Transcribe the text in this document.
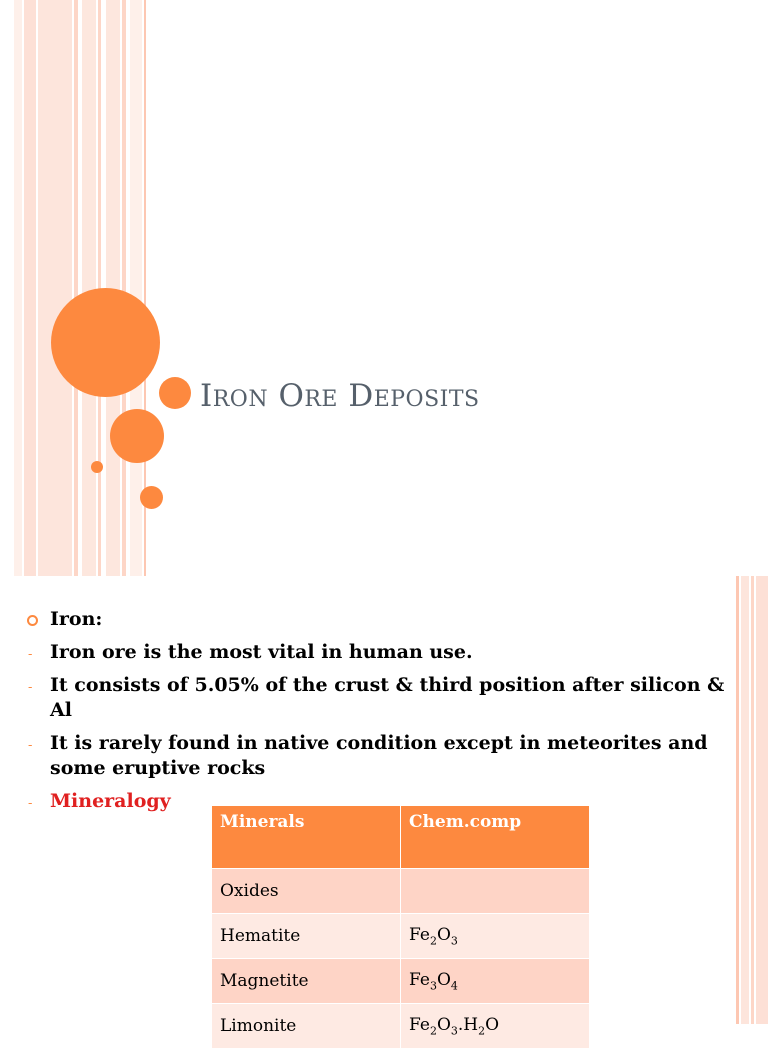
Iron Ore Deposits
Iron:
- Iron ore is the most vital in human use.
- It consists of 5.05% of the crust & third position after silicon & Al
- It is rarely found in native condition except in meteorites and some eruptive rocks
- Mineralogy
Minerals	Chem.comp
Oxides	
Hematite	$Fe_2O_3$
Magnetite	$Fe_3O_4$
Limonite	$Fe_2O_3.H_2O$
